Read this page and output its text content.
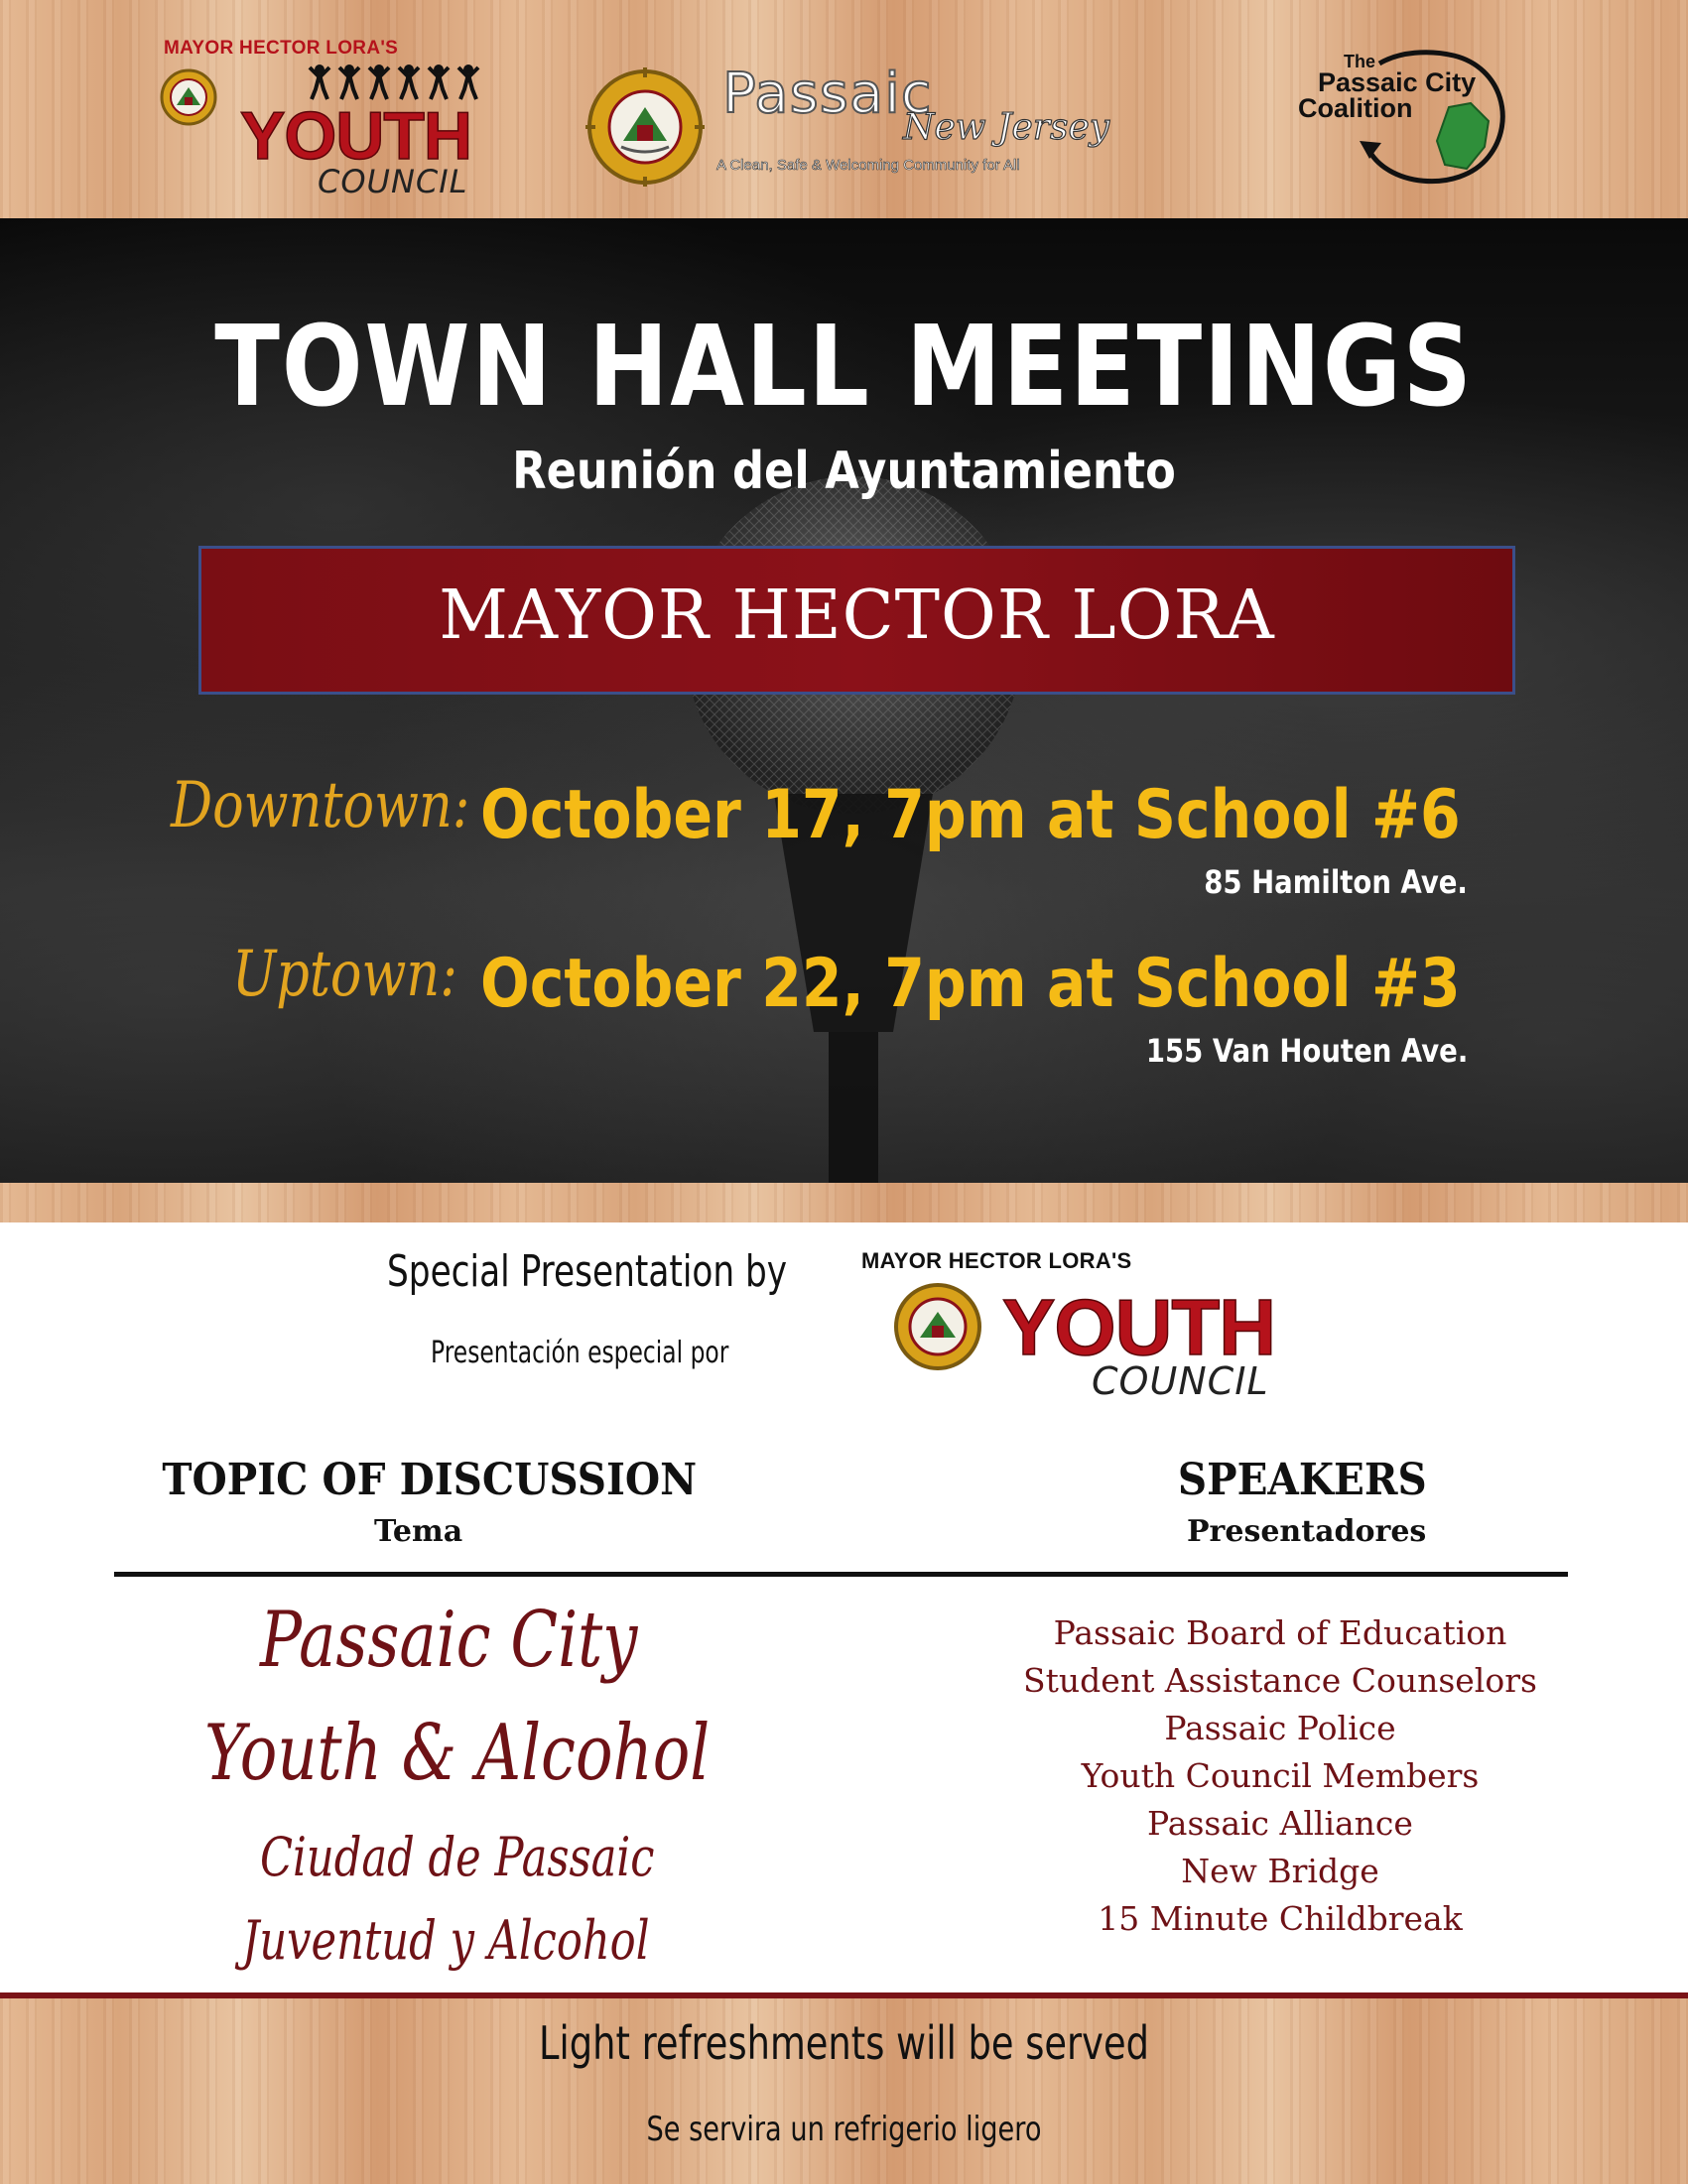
MAYOR HECTOR LORA'S
YOUTH
COUNCIL
Passaic
New Jersey
A Clean, Safe & Welcoming Community for All
The
Passaic City
Coalition
TOWN HALL MEETINGS
Reunión del Ayuntamiento
MAYOR HECTOR LORA
Downtown: October 17, 7pm at School #6
85 Hamilton Ave.
Uptown: October 22, 7pm at School #3
155 Van Houten Ave.
Special Presentation by
Presentación especial por
MAYOR HECTOR LORA'S
YOUTH
COUNCIL
TOPIC OF DISCUSSION
Tema
SPEAKERS
Presentadores
Passaic City
Youth & Alcohol
Ciudad de Passaic
Juventud y Alcohol
Passaic Board of Education
Student Assistance Counselors
Passaic Police
Youth Council Members
Passaic Alliance
New Bridge
15 Minute Childbreak
Light refreshments will be served
Se servira un refrigerio ligero
